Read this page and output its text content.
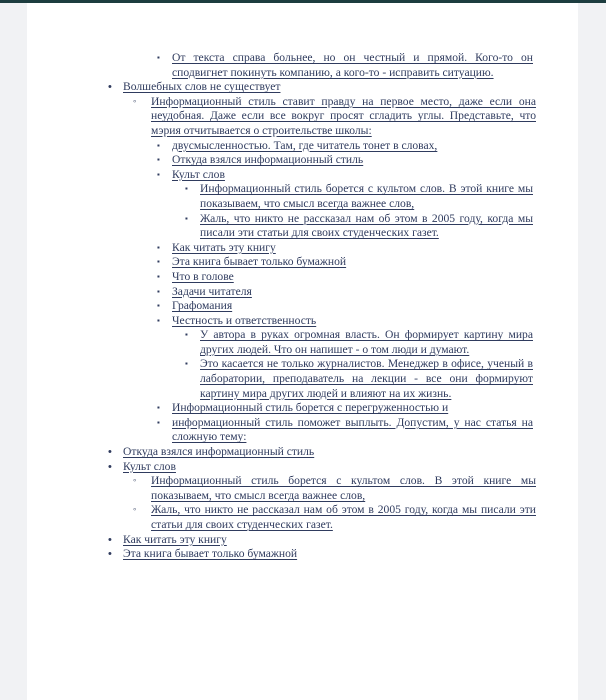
▪ От текста справа больнее, но он честный и прямой. Кого-то он сподвигнет покинуть компанию, а кого-то - исправить ситуацию.
• Волшебных слов не существует
◦ Информационный стиль ставит правду на первое место, даже если она неудобная. Даже если все вокруг просят сгладить углы. Представьте, что мэрия отчитывается о строительстве школы:
▪ двусмысленностью. Там, где читатель тонет в словах,
▪ Откуда взялся информационный стиль
▪ Культ слов
▪ Информационный стиль борется с культом слов. В этой книге мы показываем, что смысл всегда важнее слов,
▪ Жаль, что никто не рассказал нам об этом в 2005 году, когда мы писали эти статьи для своих студенческих газет.
▪ Как читать эту книгу
▪ Эта книга бывает только бумажной
▪ Что в голове
▪ Задачи читателя
▪ Графомания
▪ Честность и ответственность
▪ У автора в руках огромная власть. Он формирует картину мира других людей. Что он напишет - о том люди и думают.
▪ Это касается не только журналистов. Менеджер в офисе, ученый в лаборатории, преподаватель на лекции - все они формируют картину мира других людей и влияют на их жизнь.
▪ Информационный стиль борется с перегруженностью и
▪ информационный стиль поможет выплыть. Допустим, у нас статья на сложную тему:
• Откуда взялся информационный стиль
• Культ слов
◦ Информационный стиль борется с культом слов. В этой книге мы показываем, что смысл всегда важнее слов,
◦ Жаль, что никто не рассказал нам об этом в 2005 году, когда мы писали эти статьи для своих студенческих газет.
• Как читать эту книгу
• Эта книга бывает только бумажной
